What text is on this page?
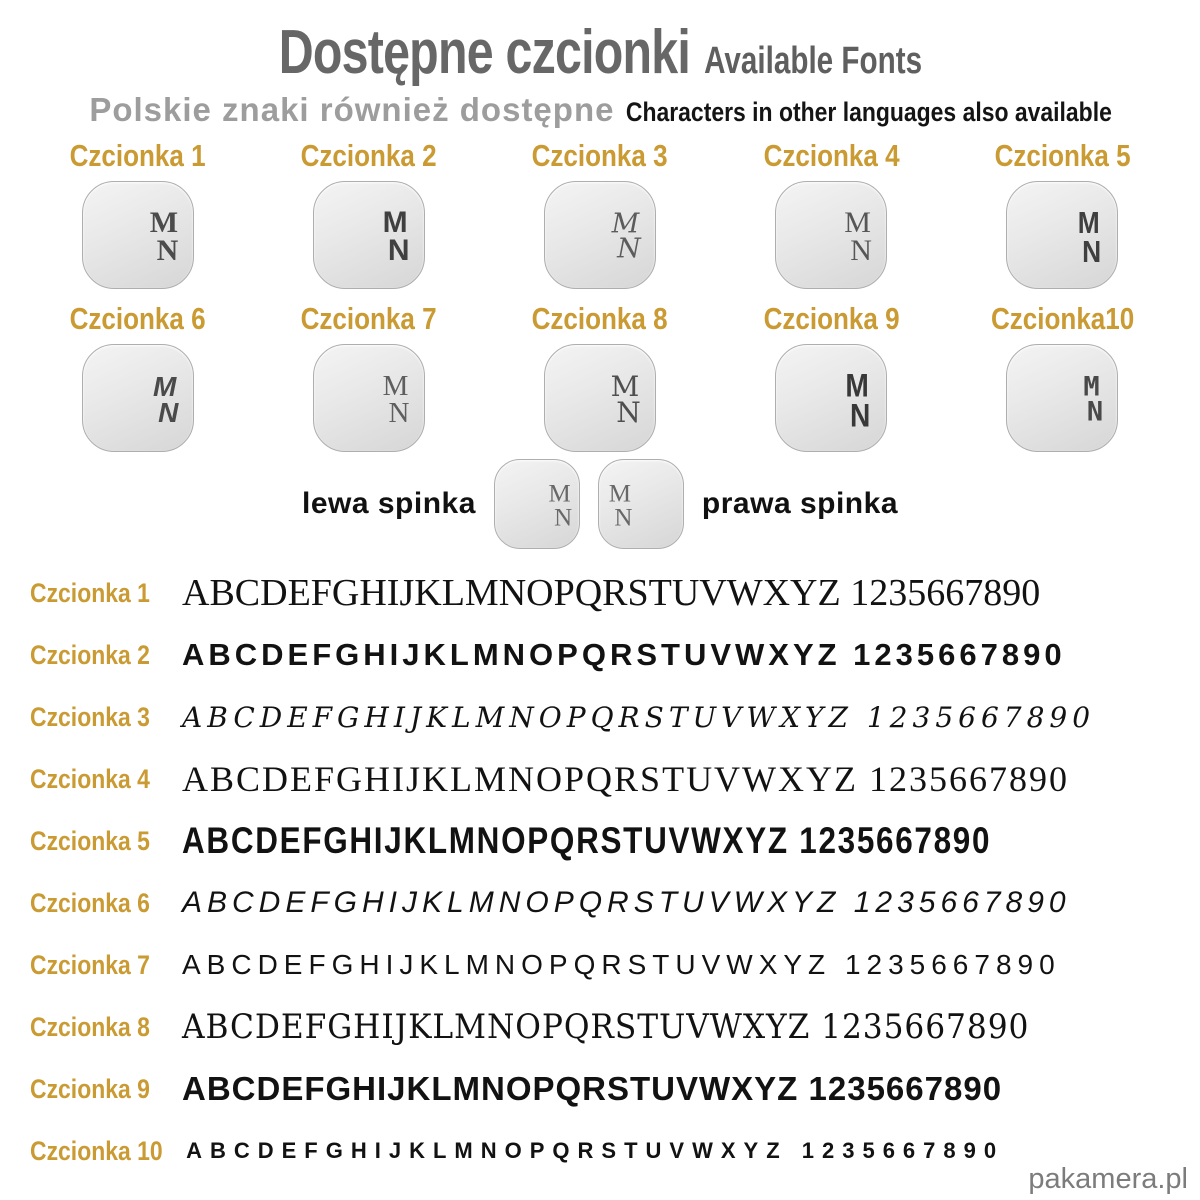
Dostępne czcionki Available Fonts
Polskie znaki również dostępne Characters in other languages also available
Czcionka 1
M
N
Czcionka 2
M
N
Czcionka 3
M
N
Czcionka 4
M
N
Czcionka 5
M
N
Czcionka 6
M
N
Czcionka 7
M
N
Czcionka 8
M
N
Czcionka 9
M
N
Czcionka10
M
N
lewa spinka	M
N
M
N prawa spinka
Czcionka 1 ABCDEFGHIJKLMNOPQRSTUVWXYZ 1235667890
Czcionka 2 ABCDEFGHIJKLMNOPQRSTUVWXYZ 1235667890
Czcionka 3	ABCDEFGHIJKLMNOPQRSTUVWXYZ 1235667890
Czcionka 4 ABCDEFGHIJKLMNOPQRSTUVWXYZ 1235667890
Czcionka 5 ABCDEFGHIJKLMNOPQRSTUVWXYZ 1235667890
Czcionka 6	ABCDEFGHIJKLMNOPQRSTUVWXYZ 1235667890
Czcionka 7	ABCDEFGHIJKLMNOPQRSTUVWXYZ 1235667890
Czcionka 8 ABCDEFGHIJKLMNOPQRSTUVWXYZ 1235667890
Czcionka 9 ABCDEFGHIJKLMNOPQRSTUVWXYZ 1235667890
Czcionka 10 ABCDEFGHIJKLMNOPQRSTUVWXYZ 1235667890
pakamera.pl
